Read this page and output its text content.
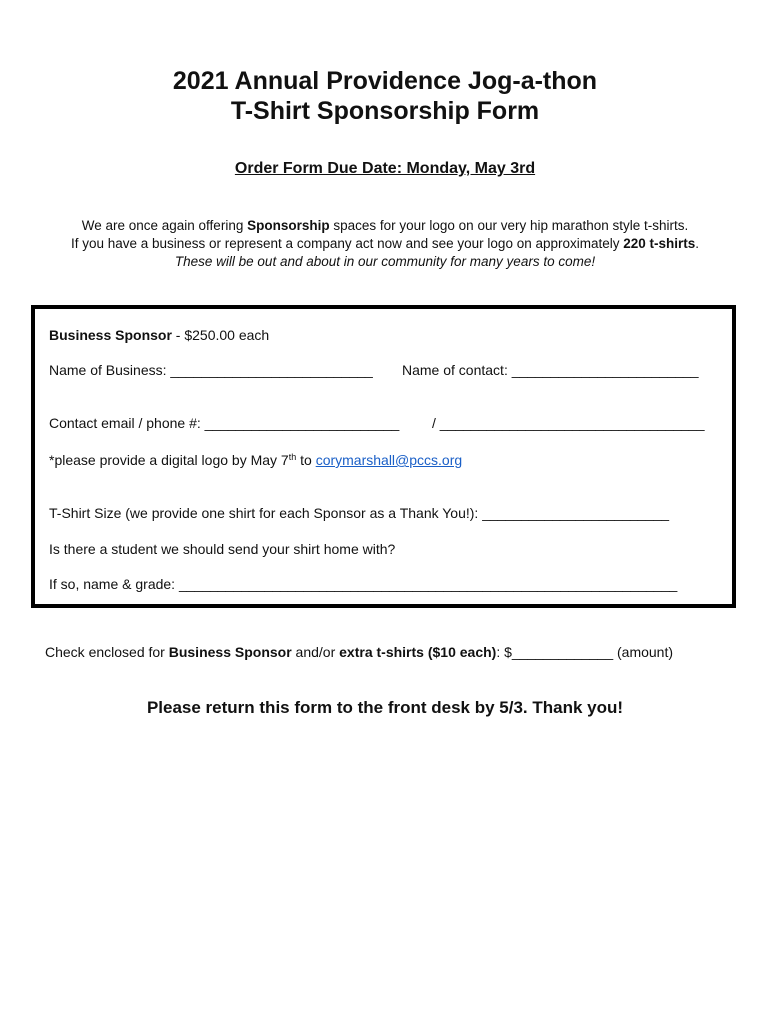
2021 Annual Providence Jog-a-thon
T-Shirt Sponsorship Form
Order Form Due Date: Monday, May 3rd
We are once again offering Sponsorship spaces for your logo on our very hip marathon style t-shirts.
If you have a business or represent a company act now and see your logo on approximately 220 t-shirts.
These will be out and about in our community for many years to come!
Business Sponsor - $250.00 each
Name of Business: __________________________ Name of contact: ________________________
Contact email / phone #: _________________________ / __________________________________
*please provide a digital logo by May 7th to corymarshall@pccs.org
T-Shirt Size (we provide one shirt for each Sponsor as a Thank You!): ________________________
Is there a student we should send your shirt home with?
If so, name & grade: ________________________________________________________________
Check enclosed for Business Sponsor and/or extra t-shirts ($10 each): $_____________ (amount)
Please return this form to the front desk by 5/3. Thank you!
